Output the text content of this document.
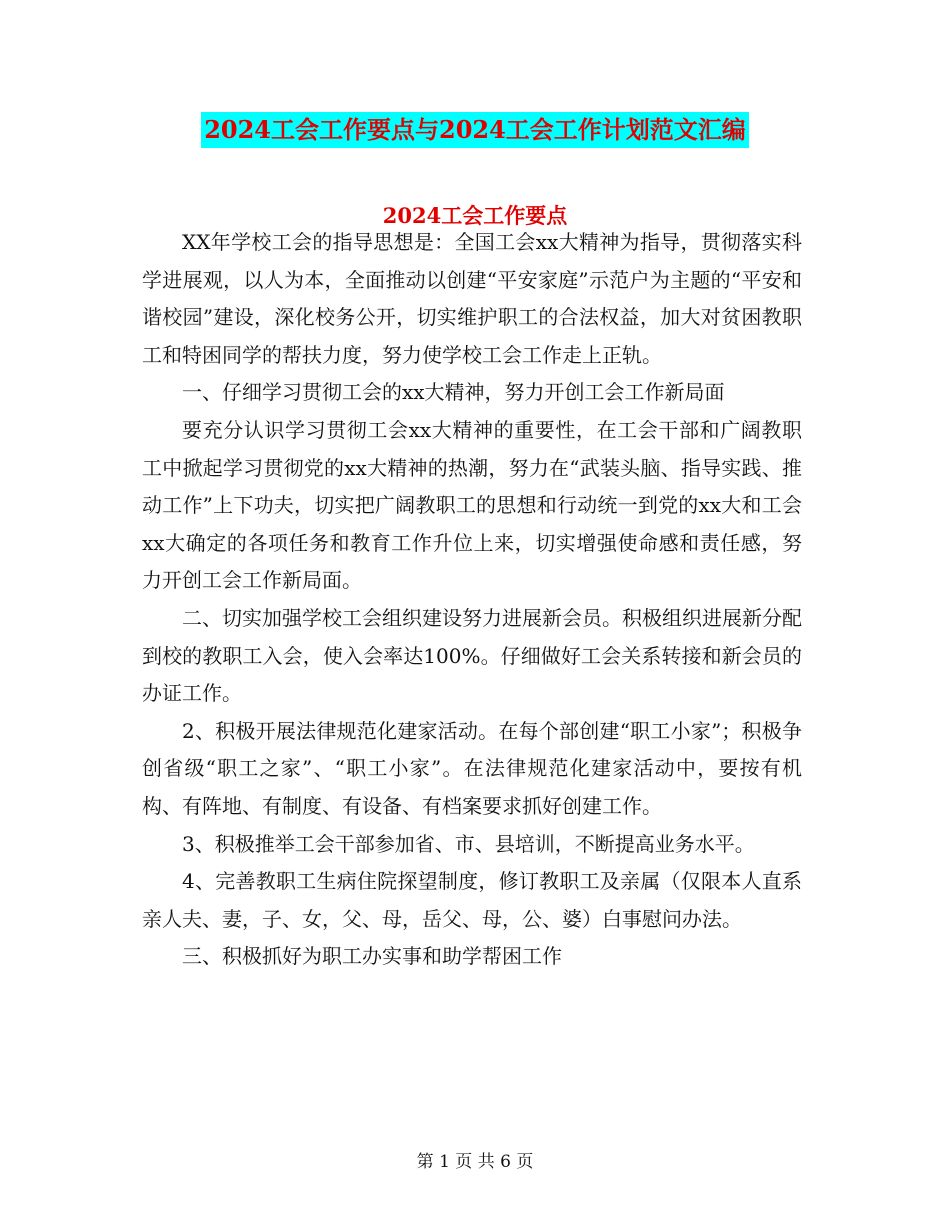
2024工会工作要点与2024工会工作计划范文汇编
2024工会工作要点

XX年学校工会的指导思想是：全国工会xx大精神为指导，贯彻落实科学进展观，以人为本，全面推动以创建“平安家庭”示范户为主题的“平安和谐校园”建设，深化校务公开，切实维护职工的合法权益，加大对贫困教职工和特困同学的帮扶力度，努力使学校工会工作走上正轨。

一、仔细学习贯彻工会的xx大精神，努力开创工会工作新局面

要充分认识学习贯彻工会xx大精神的重要性，在工会干部和广阔教职工中掀起学习贯彻党的xx大精神的热潮，努力在“武装头脑、指导实践、推动工作”上下功夫，切实把广阔教职工的思想和行动统一到党的xx大和工会xx大确定的各项任务和教育工作升位上来，切实增强使命感和责任感，努力开创工会工作新局面。

二、切实加强学校工会组织建设努力进展新会员。积极组织进展新分配到校的教职工入会，使入会率达100%。仔细做好工会关系转接和新会员的办证工作。

2、积极开展法律规范化建家活动。在每个部创建“职工小家”；积极争创省级“职工之家”、“职工小家”。在法律规范化建家活动中，要按有机构、有阵地、有制度、有设备、有档案要求抓好创建工作。

3、积极推举工会干部参加省、市、县培训，不断提高业务水平。

4、完善教职工生病住院探望制度，修订教职工及亲属（仅限本人直系亲人夫、妻，子、女，父、母，岳父、母，公、婆）白事慰问办法。

三、积极抓好为职工办实事和助学帮困工作

第 1 页 共 6 页
